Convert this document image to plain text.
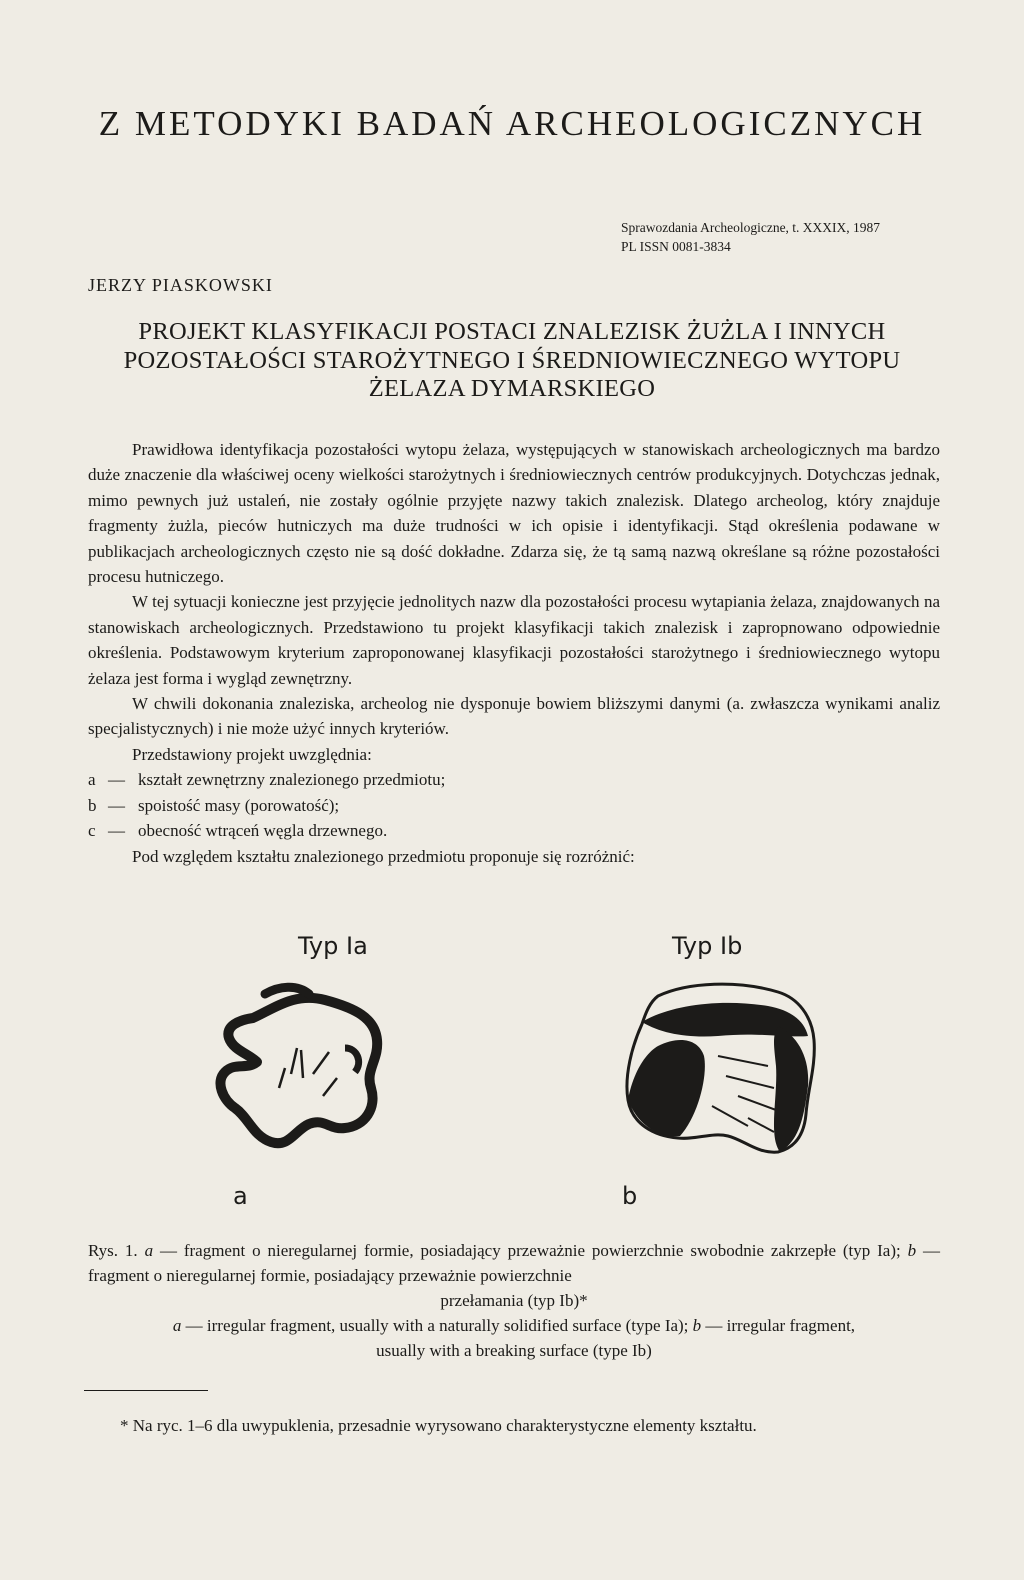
Z METODYKI BADAŃ ARCHEOLOGICZNYCH
Sprawozdania Archeologiczne, t. XXXIX, 1987
PL ISSN 0081-3834
JERZY PIASKOWSKI
PROJEKT KLASYFIKACJI POSTACI ZNALEZISK ŻUŻLA I INNYCH POZOSTAŁOŚCI STAROŻYTNEGO I ŚREDNIOWIECZNEGO WYTOPU ŻELAZA DYMARSKIEGO

Prawidłowa identyfikacja pozostałości wytopu żelaza, występujących w stanowiskach archeologicznych ma bardzo duże znaczenie dla właściwej oceny wielkości starożytnych i średniowiecznych centrów produkcyjnych. Dotychczas jednak, mimo pewnych już ustaleń, nie zostały ogólnie przyjęte nazwy takich znalezisk. Dlatego archeolog, który znajduje fragmenty żużla, pieców hutniczych ma duże trudności w ich opisie i identyfikacji. Stąd określenia podawane w publikacjach archeologicznych często nie są dość dokładne. Zdarza się, że tą samą nazwą określane są różne pozostałości procesu hutniczego.

W tej sytuacji konieczne jest przyjęcie jednolitych nazw dla pozostałości procesu wytapiania żelaza, znajdowanych na stanowiskach archeologicznych. Przedstawiono tu projekt klasyfikacji takich znalezisk i zapropnowano odpowiednie określenia. Podstawowym kryterium zaproponowanej klasyfikacji pozostałości starożytnego i średniowiecznego wytopu żelaza jest forma i wygląd zewnętrzny.

W chwili dokonania znaleziska, archeolog nie dysponuje bowiem bliższymi danymi (a. zwłaszcza wynikami analiz specjalistycznych) i nie może użyć innych kryteriów.

Przedstawiony projekt uwzględnia:

a — kształt zewnętrzny znalezionego przedmiotu;
b — spoistość masy (porowatość);
c — obecność wtrąceń węgla drzewnego.

Pod względem kształtu znalezionego przedmiotu proponuje się rozróżnić:

Typ Ia	Typ Ib
a	b

Rys. 1. a — fragment o nieregularnej formie, posiadający przeważnie powierzchnie swobodnie zakrzepłe (typ Ia); b — fragment o nieregularnej formie, posiadający przeważnie powierzchnie

przełamania (typ Ib)*

a — irregular fragment, usually with a naturally solidified surface (type Ia); b — irregular fragment,

usually with a breaking surface (type Ib)

* Na ryc. 1–6 dla uwypuklenia, przesadnie wyrysowano charakterystyczne elementy kształtu.
